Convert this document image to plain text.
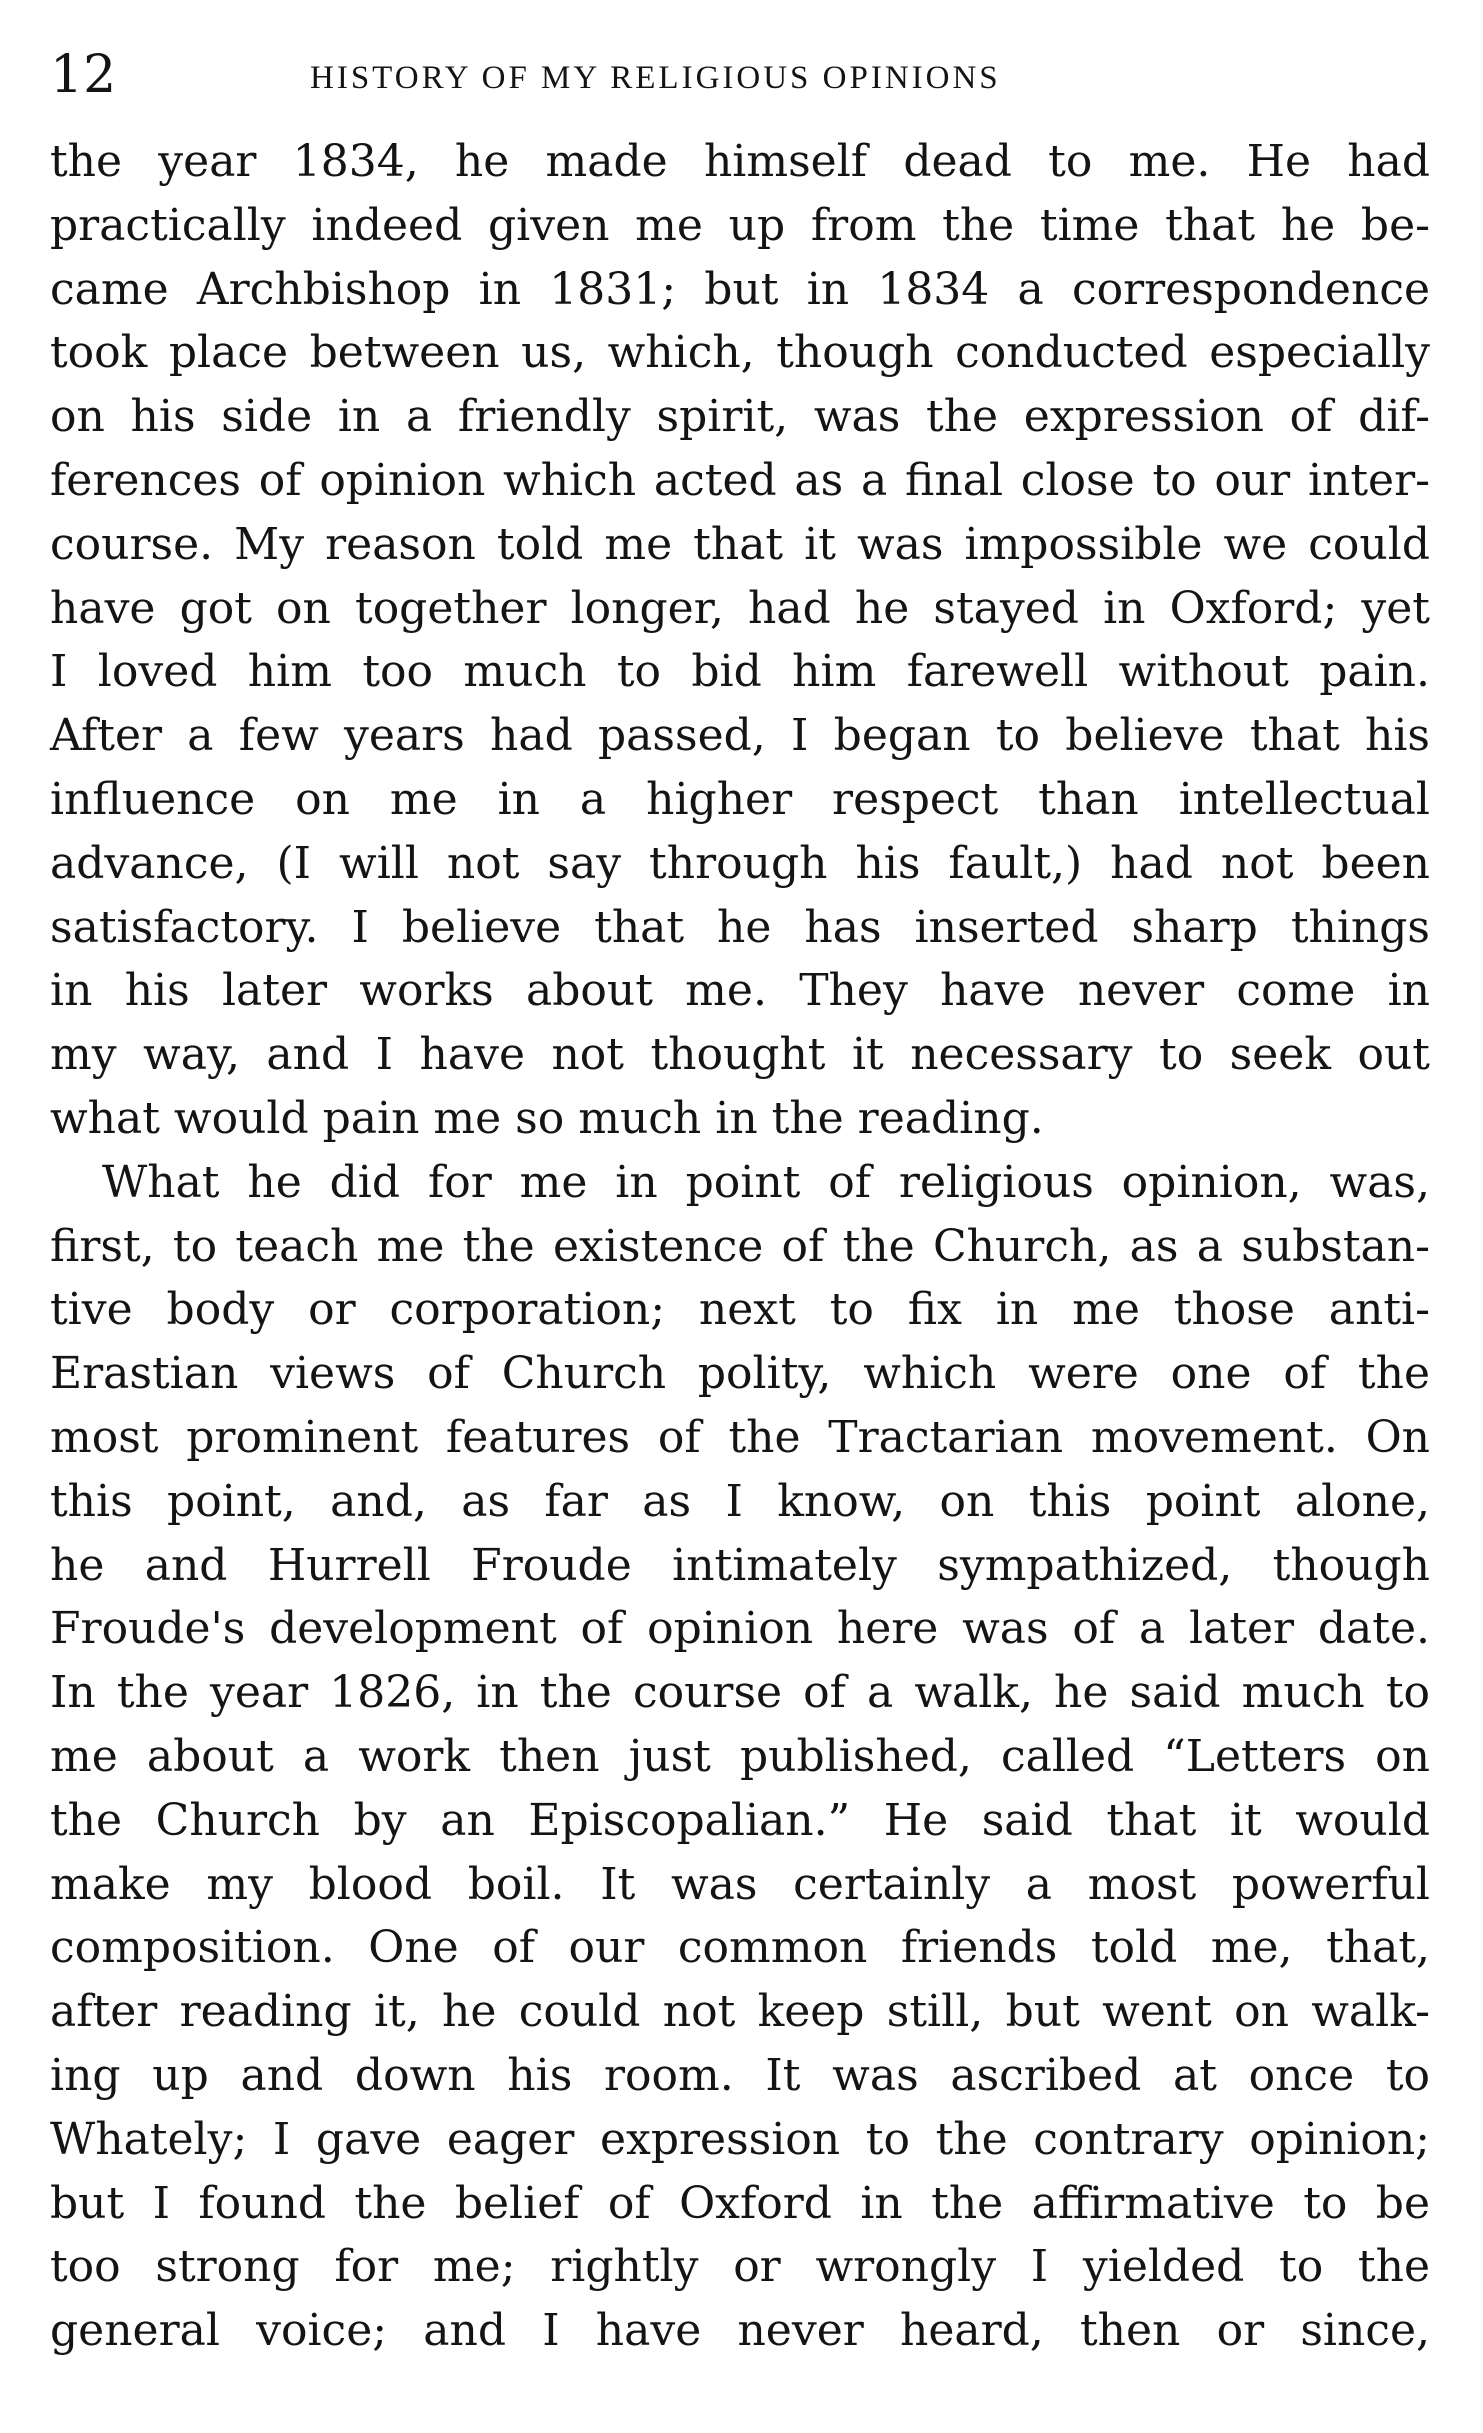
12	HISTORY OF MY RELIGIOUS OPINIONS
the year 1834, he made himself dead to me. He had
practically indeed given me up from the time that he be-
came Archbishop in 1831; but in 1834 a correspondence
took place between us, which, though conducted especially
on his side in a friendly spirit, was the expression of dif-
ferences of opinion which acted as a final close to our inter-
course. My reason told me that it was impossible we could
have got on together longer, had he stayed in Oxford; yet
I loved him too much to bid him farewell without pain.
After a few years had passed, I began to believe that his
influence on me in a higher respect than intellectual
advance, (I will not say through his fault,) had not been
satisfactory. I believe that he has inserted sharp things
in his later works about me. They have never come in
my way, and I have not thought it necessary to seek out
what would pain me so much in the reading.
What he did for me in point of religious opinion, was,
first, to teach me the existence of the Church, as a substan-
tive body or corporation; next to fix in me those anti-
Erastian views of Church polity, which were one of the
most prominent features of the Tractarian movement. On
this point, and, as far as I know, on this point alone,
he and Hurrell Froude intimately sympathized, though
Froude's development of opinion here was of a later date.
In the year 1826, in the course of a walk, he said much to
me about a work then just published, called “Letters on
the Church by an Episcopalian.” He said that it would
make my blood boil. It was certainly a most powerful
composition. One of our common friends told me, that,
after reading it, he could not keep still, but went on walk-
ing up and down his room. It was ascribed at once to
Whately; I gave eager expression to the contrary opinion;
but I found the belief of Oxford in the affirmative to be
too strong for me; rightly or wrongly I yielded to the
general voice; and I have never heard, then or since,
